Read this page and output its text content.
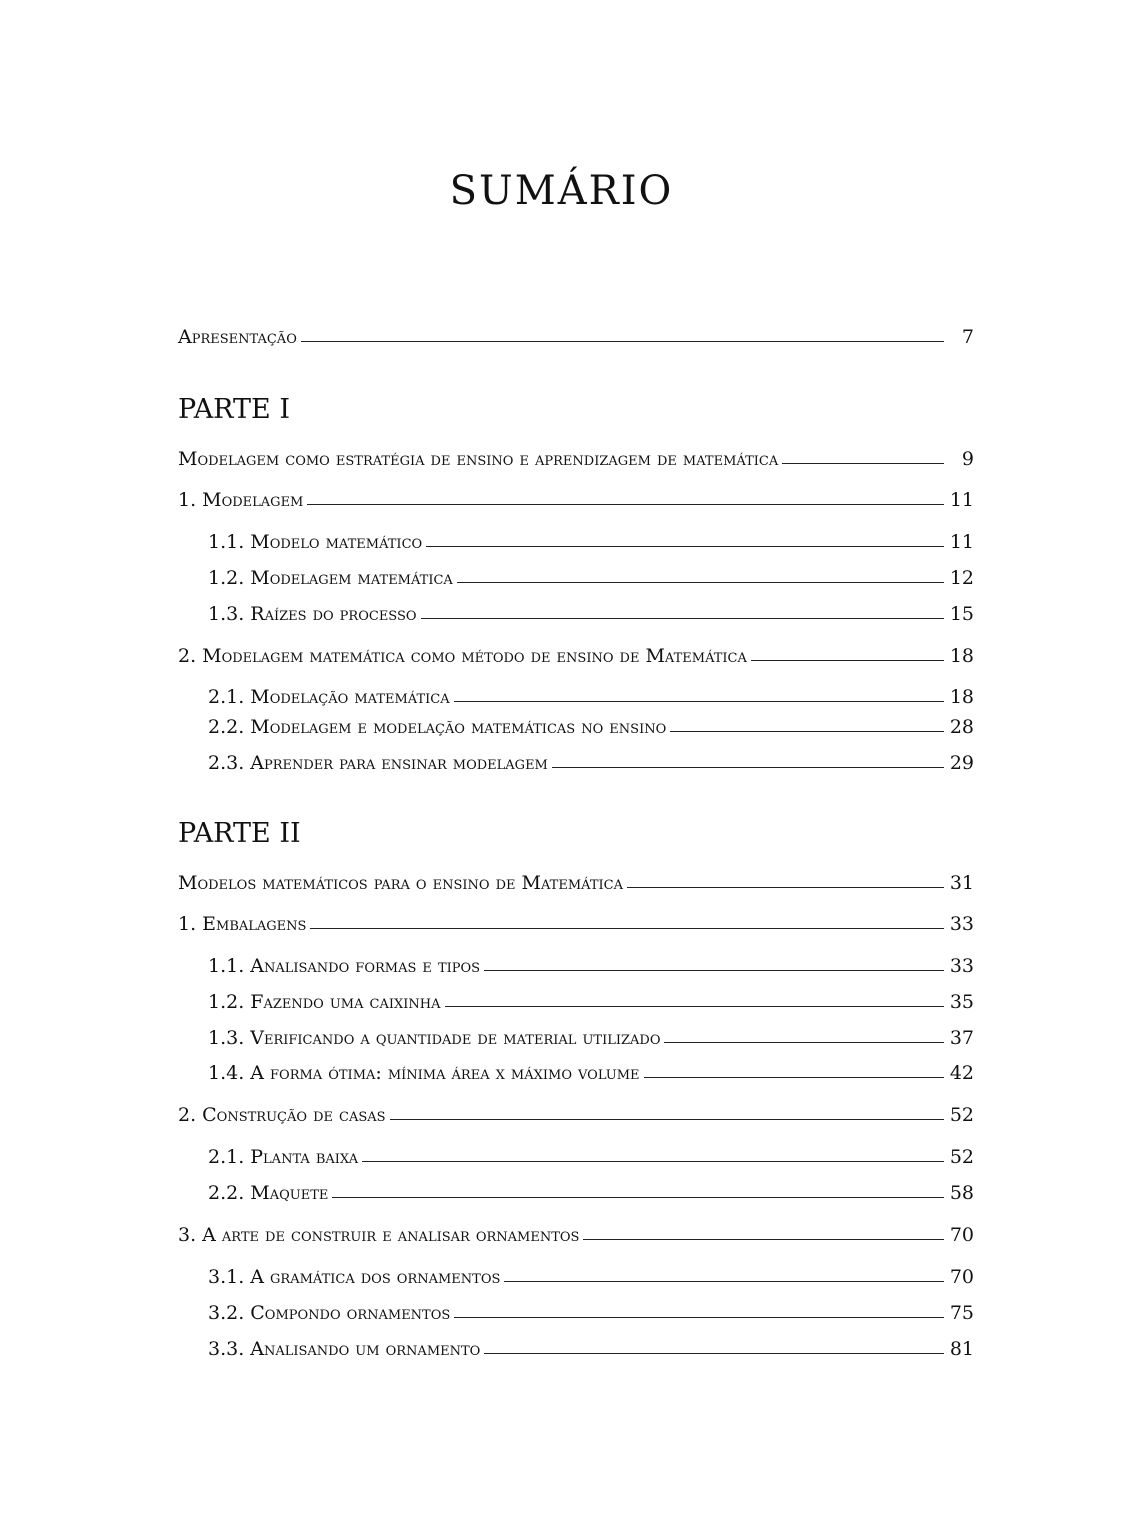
SUMÁRIO
Apresentação	7
PARTE I
Modelagem como estratégia de ensino e aprendizagem de matemática	9
1. Modelagem	11
1.1. Modelo matemático	11
1.2. Modelagem matemática	12
1.3. Raízes do processo	15
2. Modelagem matemática como método de ensino de Matemática	18
2.1. Modelação matemática	18
2.2. Modelagem e modelação matemáticas no ensino	28
2.3. Aprender para ensinar modelagem	29
PARTE II
Modelos matemáticos para o ensino de Matemática	31
1. Embalagens	33
1.1. Analisando formas e tipos	33
1.2. Fazendo uma caixinha	35
1.3. Verificando a quantidade de material utilizado	37
1.4. A forma ótima: mínima área x máximo volume	42
2. Construção de casas	52
2.1. Planta baixa	52
2.2. Maquete	58
3. A arte de construir e analisar ornamentos	70
3.1. A gramática dos ornamentos	70
3.2. Compondo ornamentos	75
3.3. Analisando um ornamento	81
